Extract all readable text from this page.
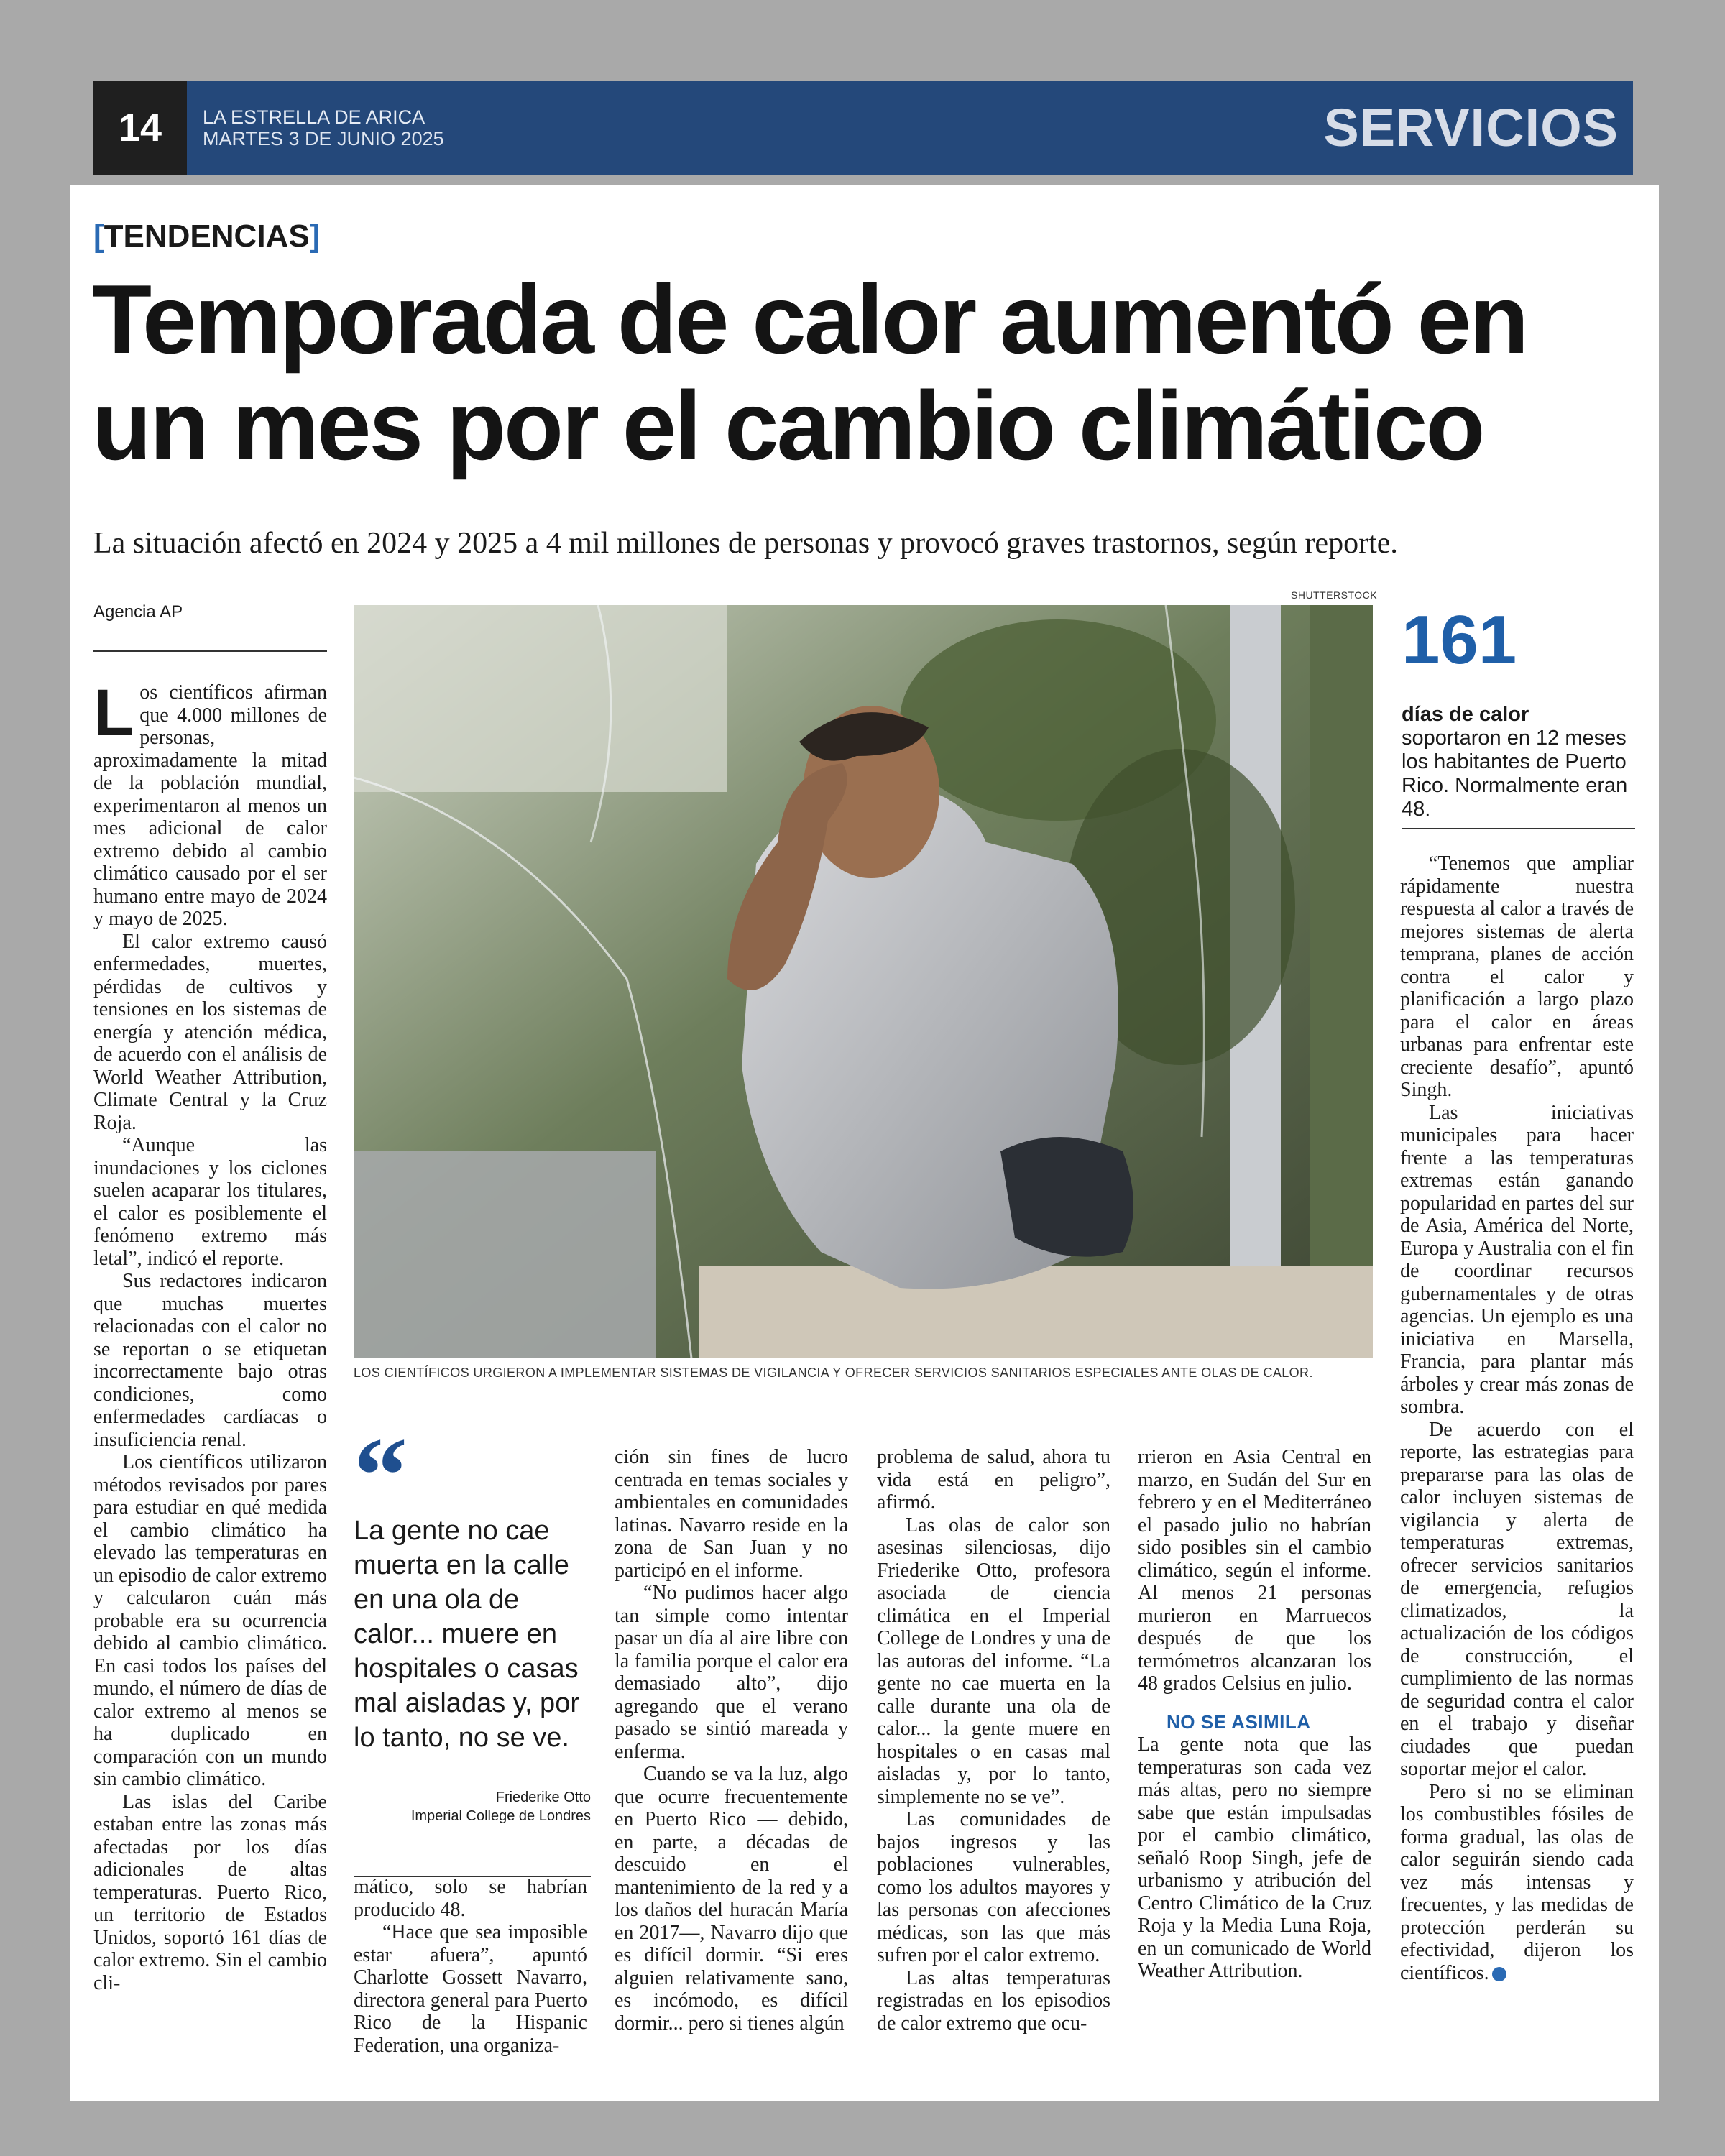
14	LA ESTRELLA DE ARICA
MARTES 3 DE JUNIO 2025	SERVICIOS
[TENDENCIAS]
Temporada de calor aumentó en
un mes por el cambio climático
La situación afectó en 2024 y 2025 a 4 mil millones de personas y provocó graves trastornos, según reporte.
Agencia AP
SHUTTERSTOCK
LOS CIENTÍFICOS URGIERON A IMPLEMENTAR SISTEMAS DE VIGILANCIA Y OFRECER SERVICIOS SANITARIOS ESPECIALES ANTE OLAS DE CALOR.

Los científicos afirman que 4.000 millones de personas, aproximadamente la mitad de la población mundial, experimentaron al menos un mes adicional de calor extremo debido al cambio climático causado por el ser humano entre mayo de 2024 y mayo de 2025.

El calor extremo causó enfermedades, muertes, pérdidas de cultivos y tensiones en los sistemas de energía y atención médica, de acuerdo con el análisis de World Weather Attribution, Climate Central y la Cruz Roja.

“Aunque las inundaciones y los ciclones suelen acaparar los titulares, el calor es posiblemente el fenómeno extremo más letal”, indicó el reporte.

Sus redactores indicaron que muchas muertes relacionadas con el calor no se reportan o se etiquetan incorrectamente bajo otras condiciones, como enfermedades cardíacas o insuficiencia renal.

Los científicos utilizaron métodos revisados por pares para estudiar en qué medida el cambio climático ha elevado las temperaturas en un episodio de calor extremo y calcularon cuán más probable era su ocurrencia debido al cambio climático. En casi todos los países del mundo, el número de días de calor extremo al menos se ha duplicado en comparación con un mundo sin cambio climático.

Las islas del Caribe estaban entre las zonas más afectadas por los días adicionales de altas temperaturas. Puerto Rico, un territorio de Estados Unidos, soportó 161 días de calor extremo. Sin el cambio cli-

“
La gente no cae muerta en la calle en una ola de calor... muere en hospitales o casas mal aisladas y, por lo tanto, no se ve.
Friederike Otto
Imperial College de Londres

mático, solo se habrían producido 48.

“Hace que sea imposible estar afuera”, apuntó Charlotte Gossett Navarro, directora general para Puerto Rico de la Hispanic Federation, una organiza-

ción sin fines de lucro centrada en temas sociales y ambientales en comunidades latinas. Navarro reside en la zona de San Juan y no participó en el informe.

“No pudimos hacer algo tan simple como intentar pasar un día al aire libre con la familia porque el calor era demasiado alto”, dijo agregando que el verano pasado se sintió mareada y enferma.

Cuando se va la luz, algo que ocurre frecuentemente en Puerto Rico — debido, en parte, a décadas de descuido en el mantenimiento de la red y a los daños del huracán María en 2017—, Navarro dijo que es difícil dormir. “Si eres alguien relativamente sano, es incómodo, es difícil dormir... pero si tienes algún

problema de salud, ahora tu vida está en peligro”, afirmó.

Las olas de calor son asesinas silenciosas, dijo Friederike Otto, profesora asociada de ciencia climática en el Imperial College de Londres y una de las autoras del informe. “La gente no cae muerta en la calle durante una ola de calor... la gente muere en hospitales o en casas mal aisladas y, por lo tanto, simplemente no se ve”.

Las comunidades de bajos ingresos y las poblaciones vulnerables, como los adultos mayores y las personas con afecciones médicas, son las que más sufren por el calor extremo.

Las altas temperaturas registradas en los episodios de calor extremo que ocu-

rrieron en Asia Central en marzo, en Sudán del Sur en febrero y en el Mediterráneo el pasado julio no habrían sido posibles sin el cambio climático, según el informe. Al menos 21 personas murieron en Marruecos después de que los termómetros alcanzaran los 48 grados Celsius en julio.

NO SE ASIMILA

La gente nota que las temperaturas son cada vez más altas, pero no siempre sabe que están impulsadas por el cambio climático, señaló Roop Singh, jefe de urbanismo y atribución del Centro Climático de la Cruz Roja y la Media Luna Roja, en un comunicado de World Weather Attribution.

161
días de calor soportaron en 12 meses los habitantes de Puerto Rico. Normalmente eran 48.

“Tenemos que ampliar rápidamente nuestra respuesta al calor a través de mejores sistemas de alerta temprana, planes de acción contra el calor y planificación a largo plazo para el calor en áreas urbanas para enfrentar este creciente desafío”, apuntó Singh.

Las iniciativas municipales para hacer frente a las temperaturas extremas están ganando popularidad en partes del sur de Asia, América del Norte, Europa y Australia con el fin de coordinar recursos gubernamentales y de otras agencias. Un ejemplo es una iniciativa en Marsella, Francia, para plantar más árboles y crear más zonas de sombra.

De acuerdo con el reporte, las estrategias para prepararse para las olas de calor incluyen sistemas de vigilancia y alerta de temperaturas extremas, ofrecer servicios sanitarios de emergencia, refugios climatizados, la actualización de los códigos de construcción, el cumplimiento de las normas de seguridad contra el calor en el trabajo y diseñar ciudades que puedan soportar mejor el calor.

Pero si no se eliminan los combustibles fósiles de forma gradual, las olas de calor seguirán siendo cada vez más intensas y frecuentes, y las medidas de protección perderán su efectividad, dijeron los científicos.
